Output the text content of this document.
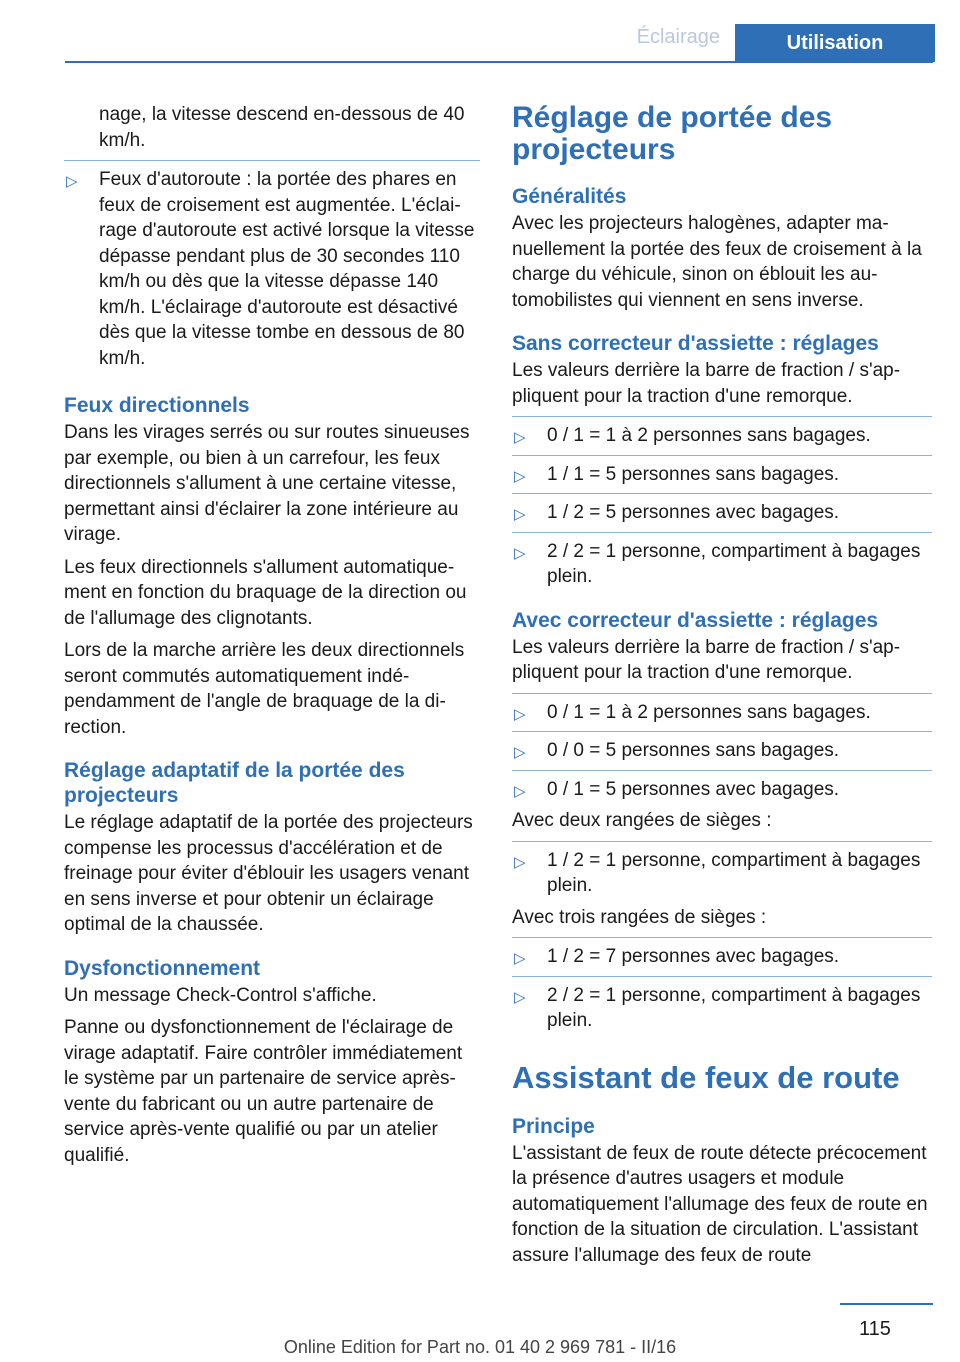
Éclairage	Utilisation

nage, la vitesse descend en-dessous de 40 km/h.

▷ Feux d'autoroute : la portée des phares en feux de croisement est augmentée. L'éclairage d'autoroute est activé lorsque la vitesse dépasse pendant plus de 30 secondes 110 km/h ou dès que la vitesse dépasse 140 km/h. L'éclairage d'autoroute est désactivé dès que la vitesse tombe en dessous de 80 km/h.
Feux directionnels

Dans les virages serrés ou sur routes sinueuses par exemple, ou bien à un carrefour, les feux directionnels s'allument à une certaine vitesse, permettant ainsi d'éclairer la zone intérieure au virage.

Les feux directionnels s'allument automatiquement en fonction du braquage de la direction ou de l'allumage des clignotants.

Lors de la marche arrière les deux directionnels seront commutés automatiquement indépendamment de l'angle de braquage de la direction.

Réglage adaptatif de la portée des projecteurs

Le réglage adaptatif de la portée des projecteurs compense les processus d'accélération et de freinage pour éviter d'éblouir les usagers venant en sens inverse et pour obtenir un éclairage optimal de la chaussée.

Dysfonctionnement

Un message Check-Control s'affiche.

Panne ou dysfonctionnement de l'éclairage de virage adaptatif. Faire contrôler immédiatement le système par un partenaire de service après-vente du fabricant ou un autre partenaire de service après-vente qualifié ou par un atelier qualifié.

Réglage de portée des projecteurs
Généralités

Avec les projecteurs halogènes, adapter manuellement la portée des feux de croisement à la charge du véhicule, sinon on éblouit les automobilistes qui viennent en sens inverse.

Sans correcteur d'assiette : réglages

Les valeurs derrière la barre de fraction / s'appliquent pour la traction d'une remorque.

▷ 0 / 1 = 1 à 2 personnes sans bagages.
▷ 1 / 1 = 5 personnes sans bagages.
▷ 1 / 2 = 5 personnes avec bagages.
▷ 2 / 2 = 1 personne, compartiment à bagages plein.
Avec correcteur d'assiette : réglages

Les valeurs derrière la barre de fraction / s'appliquent pour la traction d'une remorque.

▷ 0 / 1 = 1 à 2 personnes sans bagages.
▷ 0 / 0 = 5 personnes sans bagages.
▷ 0 / 1 = 5 personnes avec bagages.

Avec deux rangées de sièges :

▷ 1 / 2 = 1 personne, compartiment à bagages plein.

Avec trois rangées de sièges :

▷ 1 / 2 = 7 personnes avec bagages.
▷ 2 / 2 = 1 personne, compartiment à bagages plein.
Assistant de feux de route
Principe

L'assistant de feux de route détecte précocement la présence d'autres usagers et module automatiquement l'allumage des feux de route en fonction de la situation de circulation. L'assistant assure l'allumage des feux de route

115
Online Edition for Part no. 01 40 2 969 781 - II/16
